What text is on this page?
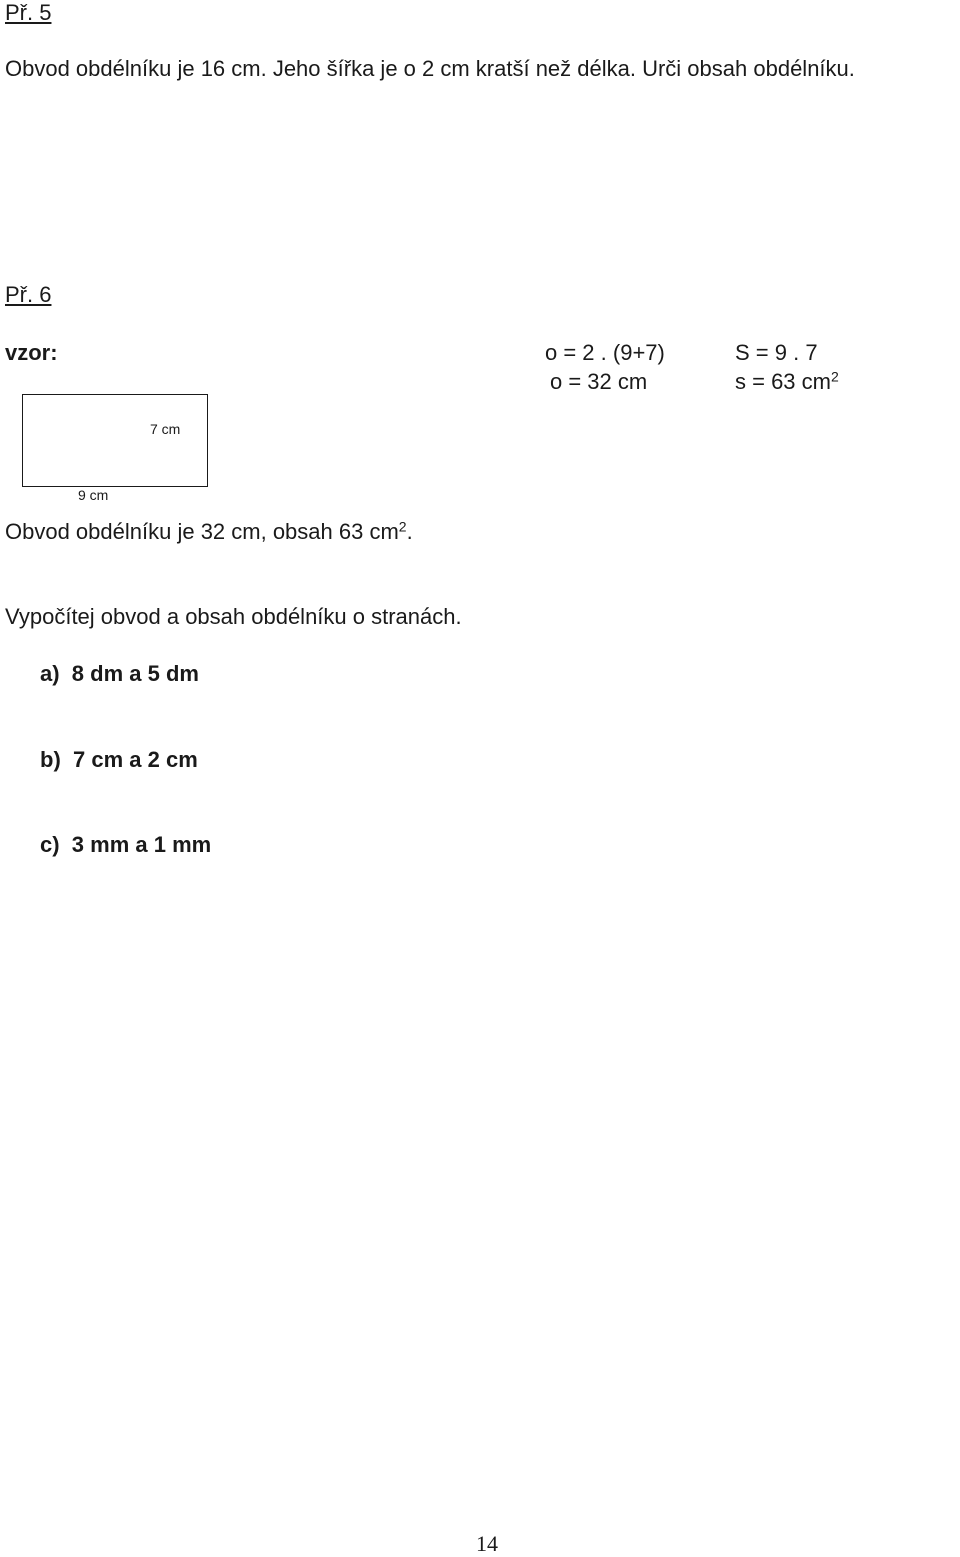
Př. 5
Obvod obdélníku je 16 cm. Jeho šířka je o 2 cm kratší než délka. Urči obsah obdélníku.
Př. 6
vzor:	o = 2 . (9+7)
o = 32 cm
S = 9 . 7
s = 63 $cm^2$
7 cm
9 cm
Obvod obdélníku je 32 cm, obsah 63 $cm^2$.
Vypočítej obvod a obsah obdélníku o stranách.
a) 8 dm a 5 dm
b) 7 cm a 2 cm
c) 3 mm a 1 mm
14
